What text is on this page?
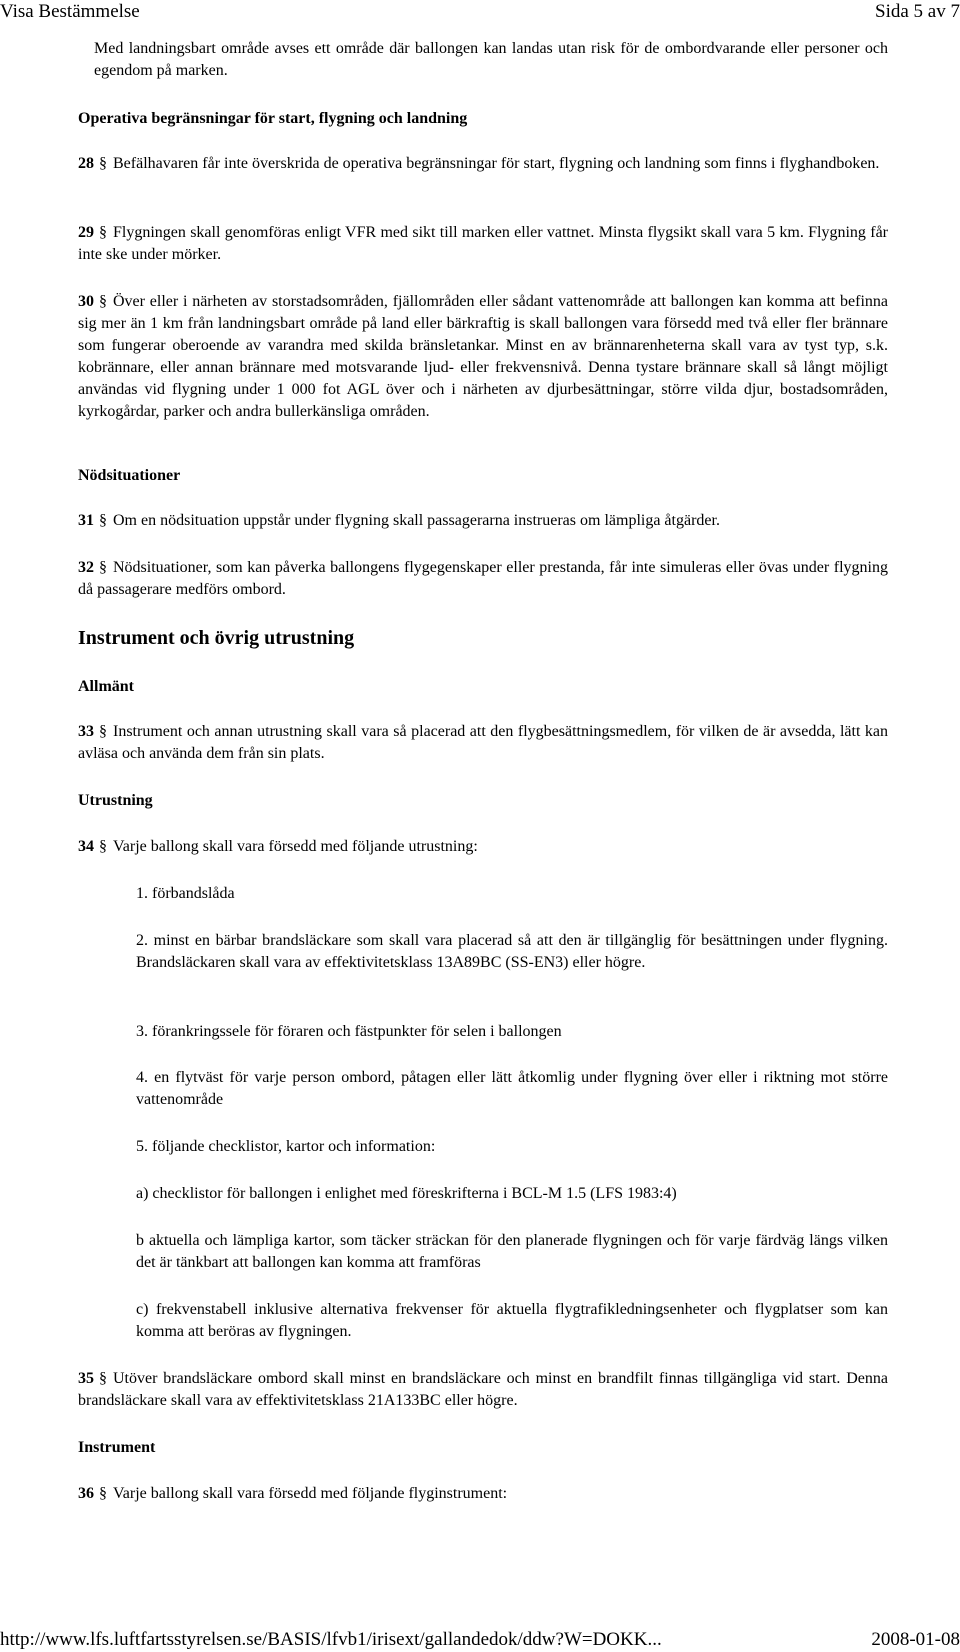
Visa Bestämmelse	Sida 5 av 7

Med landningsbart område avses ett område där ballongen kan landas utan risk för de ombordvarande eller personer och egendom på marken.

Operativa begränsningar för start, flygning och landning

28 § Befälhavaren får inte överskrida de operativa begränsningar för start, flygning och landning som finns i flyghandboken.

29 § Flygningen skall genomföras enligt VFR med sikt till marken eller vattnet. Minsta flygsikt skall vara 5 km. Flygning får inte ske under mörker.

30 § Över eller i närheten av storstadsområden, fjällområden eller sådant vattenområde att ballongen kan komma att befinna sig mer än 1 km från landningsbart område på land eller bärkraftig is skall ballongen vara försedd med två eller fler brännare som fungerar oberoende av varandra med skilda bränsletankar. Minst en av brännarenheterna skall vara av tyst typ, s.k. kobrännare, eller annan brännare med motsvarande ljud- eller frekvensnivå. Denna tystare brännare skall så långt möjligt användas vid flygning under 1 000 fot AGL över och i närheten av djurbesättningar, större vilda djur, bostadsområden, kyrkogårdar, parker och andra bullerkänsliga områden.

Nödsituationer

31 § Om en nödsituation uppstår under flygning skall passagerarna instrueras om lämpliga åtgärder.

32 § Nödsituationer, som kan påverka ballongens flygegenskaper eller prestanda, får inte simuleras eller övas under flygning då passagerare medförs ombord.

Instrument och övrig utrustning

Allmänt

33 § Instrument och annan utrustning skall vara så placerad att den flygbesättningsmedlem, för vilken de är avsedda, lätt kan avläsa och använda dem från sin plats.

Utrustning

34 § Varje ballong skall vara försedd med följande utrustning:

1. förbandslåda

2. minst en bärbar brandsläckare som skall vara placerad så att den är tillgänglig för besättningen under flygning. Brandsläckaren skall vara av effektivitetsklass 13A89BC (SS-EN3) eller högre.

3. förankringssele för föraren och fästpunkter för selen i ballongen

4. en flytväst för varje person ombord, påtagen eller lätt åtkomlig under flygning över eller i riktning mot större vattenområde

5. följande checklistor, kartor och information:

a) checklistor för ballongen i enlighet med föreskrifterna i BCL-M 1.5 (LFS 1983:4)

b aktuella och lämpliga kartor, som täcker sträckan för den planerade flygningen och för varje färdväg längs vilken det är tänkbart att ballongen kan komma att framföras

c) frekvenstabell inklusive alternativa frekvenser för aktuella flygtrafikledningsenheter och flygplatser som kan komma att beröras av flygningen.

35 § Utöver brandsläckare ombord skall minst en brandsläckare och minst en brandfilt finnas tillgängliga vid start. Denna brandsläckare skall vara av effektivitetsklass 21A133BC eller högre.

Instrument

36 § Varje ballong skall vara försedd med följande flyginstrument:

http://www.lfs.luftfartsstyrelsen.se/BASIS/lfvb1/irisext/gallandedok/ddw?W=DOKK...	2008-01-08
